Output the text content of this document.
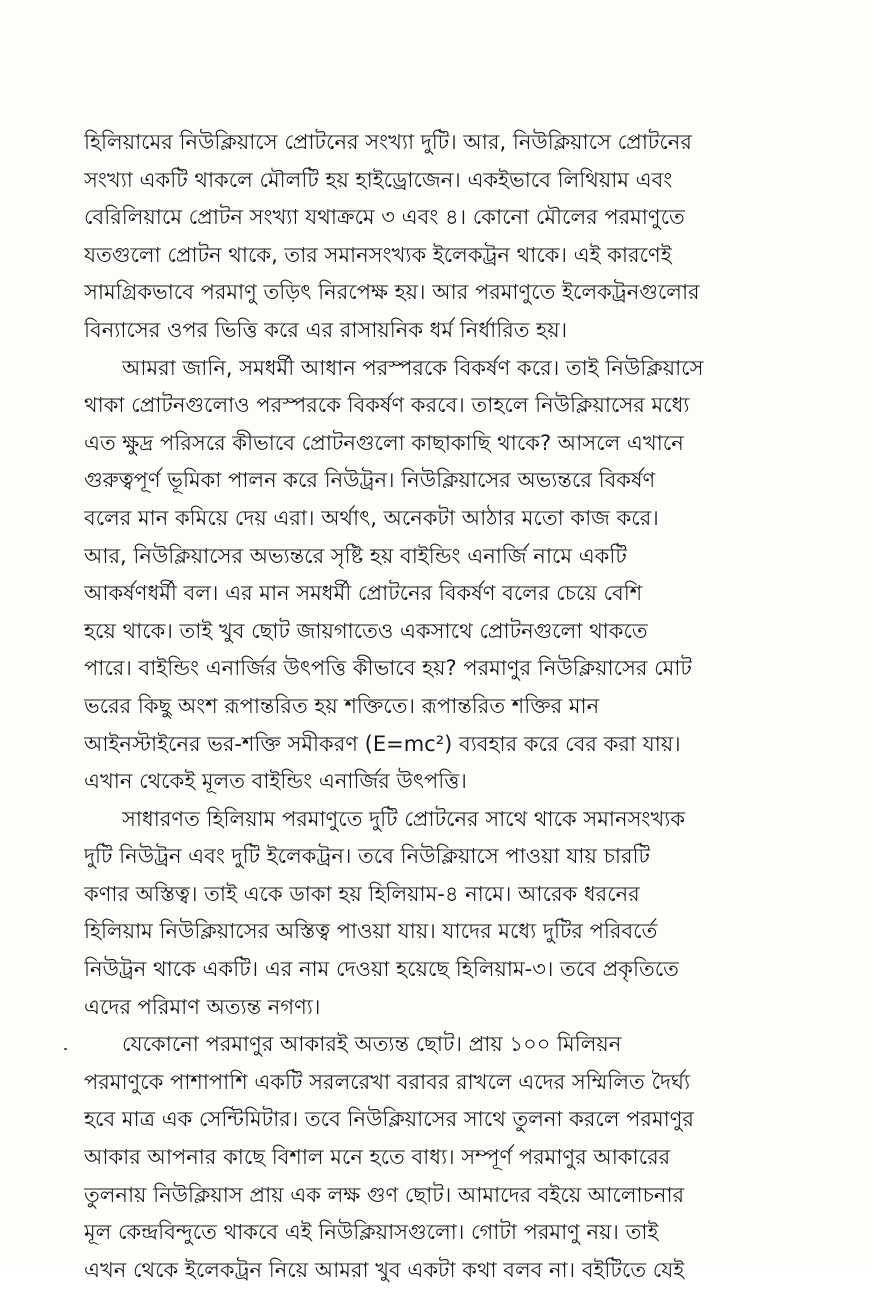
হিলিয়ামের নিউক্লিয়াসে প্রোটনের সংখ্যা দুটি। আর, নিউক্লিয়াসে প্রোটনের
সংখ্যা একটি থাকলে মৌলটি হয় হাইড্রোজেন। একইভাবে লিথিয়াম এবং
বেরিলিয়ামে প্রোটন সংখ্যা যথাক্রমে ৩ এবং ৪। কোনো মৌলের পরমাণুতে
যতগুলো প্রোটন থাকে, তার সমানসংখ্যক ইলেকট্রন থাকে। এই কারণেই
সামগ্রিকভাবে পরমাণু তড়িৎ নিরপেক্ষ হয়। আর পরমাণুতে ইলেকট্রনগুলোর
বিন্যাসের ওপর ভিত্তি করে এর রাসায়নিক ধর্ম নির্ধারিত হয়।

আমরা জানি, সমধর্মী আধান পরস্পরকে বিকর্ষণ করে। তাই নিউক্লিয়াসে
থাকা প্রোটনগুলোও পরস্পরকে বিকর্ষণ করবে। তাহলে নিউক্লিয়াসের মধ্যে
এত ক্ষুদ্র পরিসরে কীভাবে প্রোটনগুলো কাছাকাছি থাকে? আসলে এখানে
গুরুত্বপূর্ণ ভূমিকা পালন করে নিউট্রন। নিউক্লিয়াসের অভ্যন্তরে বিকর্ষণ
বলের মান কমিয়ে দেয় এরা। অর্থাৎ, অনেকটা আঠার মতো কাজ করে।
আর, নিউক্লিয়াসের অভ্যন্তরে সৃষ্টি হয় বাইন্ডিং এনার্জি নামে একটি
আকর্ষণধর্মী বল। এর মান সমধর্মী প্রোটনের বিকর্ষণ বলের চেয়ে বেশি
হয়ে থাকে। তাই খুব ছোট জায়গাতেও একসাথে প্রোটনগুলো থাকতে
পারে। বাইন্ডিং এনার্জির উৎপত্তি কীভাবে হয়? পরমাণুর নিউক্লিয়াসের মোট
ভরের কিছু অংশ রূপান্তরিত হয় শক্তিতে। রূপান্তরিত শক্তির মান
আইনস্টাইনের ভর-শক্তি সমীকরণ (E=mc²) ব্যবহার করে বের করা যায়।
এখান থেকেই মূলত বাইন্ডিং এনার্জির উৎপত্তি।

সাধারণত হিলিয়াম পরমাণুতে দুটি প্রোটনের সাথে থাকে সমানসংখ্যক
দুটি নিউট্রন এবং দুটি ইলেকট্রন। তবে নিউক্লিয়াসে পাওয়া যায় চারটি
কণার অস্তিত্ব। তাই একে ডাকা হয় হিলিয়াম-৪ নামে। আরেক ধরনের
হিলিয়াম নিউক্লিয়াসের অস্তিত্ব পাওয়া যায়। যাদের মধ্যে দুটির পরিবর্তে
নিউট্রন থাকে একটি। এর নাম দেওয়া হয়েছে হিলিয়াম-৩। তবে প্রকৃতিতে
এদের পরিমাণ অত্যন্ত নগণ্য।

যেকোনো পরমাণুর আকারই অত্যন্ত ছোট। প্রায় ১০০ মিলিয়ন
পরমাণুকে পাশাপাশি একটি সরলরেখা বরাবর রাখলে এদের সম্মিলিত দৈর্ঘ্য
হবে মাত্র এক সেন্টিমিটার। তবে নিউক্লিয়াসের সাথে তুলনা করলে পরমাণুর
আকার আপনার কাছে বিশাল মনে হতে বাধ্য। সম্পূর্ণ পরমাণুর আকারের
তুলনায় নিউক্লিয়াস প্রায় এক লক্ষ গুণ ছোট। আমাদের বইয়ে আলোচনার
মূল কেন্দ্রবিন্দুতে থাকবে এই নিউক্লিয়াসগুলো। গোটা পরমাণু নয়। তাই
এখন থেকে ইলেকট্রন নিয়ে আমরা খুব একটা কথা বলব না। বইটিতে যেই
